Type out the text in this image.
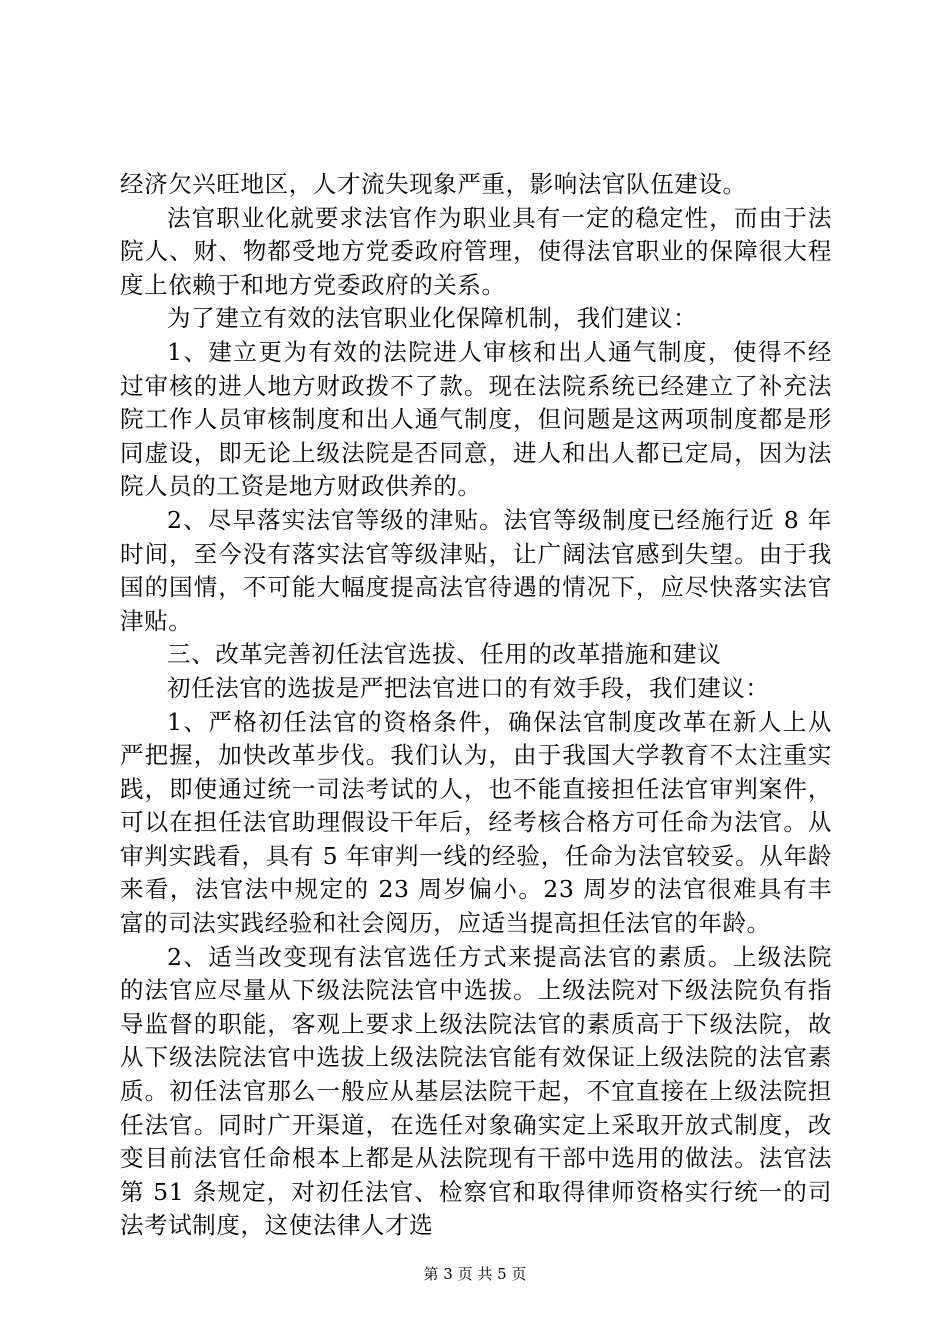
经济欠兴旺地区，人才流失现象严重，影响法官队伍建设。

法官职业化就要求法官作为职业具有一定的稳定性，而由于法院人、财、物都受地方党委政府管理，使得法官职业的保障很大程度上依赖于和地方党委政府的关系。

为了建立有效的法官职业化保障机制，我们建议：

1、建立更为有效的法院进人审核和出人通气制度，使得不经过审核的进人地方财政拨不了款。现在法院系统已经建立了补充法院工作人员审核制度和出人通气制度，但问题是这两项制度都是形同虚设，即无论上级法院是否同意，进人和出人都已定局，因为法院人员的工资是地方财政供养的。

2、尽早落实法官等级的津贴。法官等级制度已经施行近 8 年时间，至今没有落实法官等级津贴，让广阔法官感到失望。由于我国的国情，不可能大幅度提高法官待遇的情况下，应尽快落实法官津贴。

三、改革完善初任法官选拔、任用的改革措施和建议

初任法官的选拔是严把法官进口的有效手段，我们建议：

1、严格初任法官的资格条件，确保法官制度改革在新人上从严把握，加快改革步伐。我们认为，由于我国大学教育不太注重实践，即使通过统一司法考试的人，也不能直接担任法官审判案件，可以在担任法官助理假设干年后，经考核合格方可任命为法官。从审判实践看，具有 5 年审判一线的经验，任命为法官较妥。从年龄来看，法官法中规定的 23 周岁偏小。23 周岁的法官很难具有丰富的司法实践经验和社会阅历，应适当提高担任法官的年龄。

2、适当改变现有法官选任方式来提高法官的素质。上级法院的法官应尽量从下级法院法官中选拔。上级法院对下级法院负有指导监督的职能，客观上要求上级法院法官的素质高于下级法院，故从下级法院法官中选拔上级法院法官能有效保证上级法院的法官素质。初任法官那么一般应从基层法院干起，不宜直接在上级法院担任法官。同时广开渠道，在选任对象确实定上采取开放式制度，改变目前法官任命根本上都是从法院现有干部中选用的做法。法官法第 51 条规定，对初任法官、检察官和取得律师资格实行统一的司法考试制度，这使法律人才选

第 3 页 共 5 页
